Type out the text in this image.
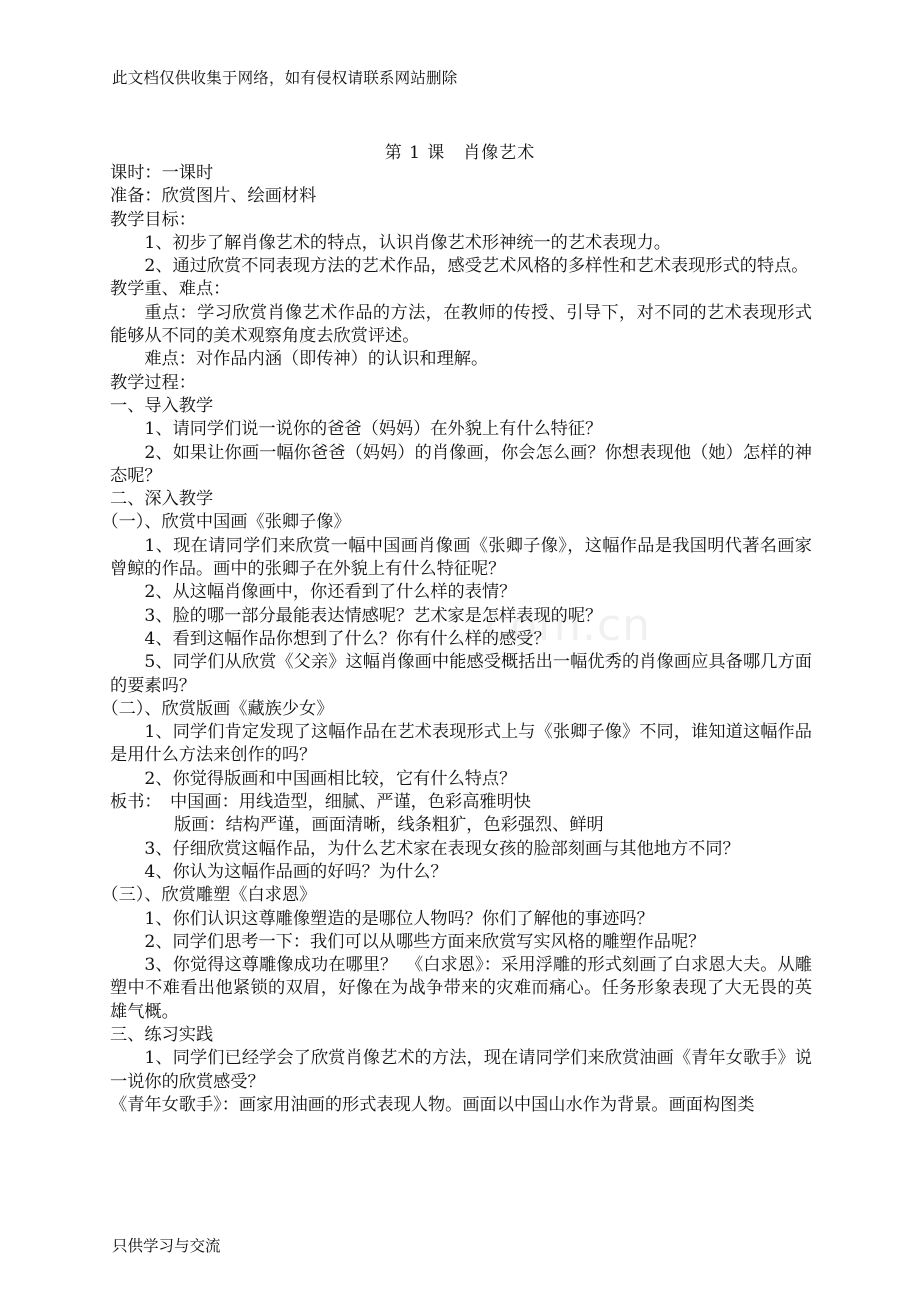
此文档仅供收集于网络，如有侵权请联系网站删除
.com.cn
第 1 课　肖像艺术

课时：一课时

准备：欣赏图片、绘画材料

教学目标：

1、初步了解肖像艺术的特点，认识肖像艺术形神统一的艺术表现力。

2、通过欣赏不同表现方法的艺术作品，感受艺术风格的多样性和艺术表现形式的特点。

教学重、难点：

重点：学习欣赏肖像艺术作品的方法，在教师的传授、引导下，对不同的艺术表现形式能够从不同的美术观察角度去欣赏评述。

难点：对作品内涵（即传神）的认识和理解。

教学过程：

一、导入教学

1、请同学们说一说你的爸爸（妈妈）在外貌上有什么特征？

2、如果让你画一幅你爸爸（妈妈）的肖像画，你会怎么画？你想表现他（她）怎样的神态呢？

二、深入教学

（一）、欣赏中国画《张卿子像》

1、现在请同学们来欣赏一幅中国画肖像画《张卿子像》，这幅作品是我国明代著名画家曾鲸的作品。画中的张卿子在外貌上有什么特征呢？

2、从这幅肖像画中，你还看到了什么样的表情？

3、脸的哪一部分最能表达情感呢？艺术家是怎样表现的呢？

4、看到这幅作品你想到了什么？你有什么样的感受？

5、同学们从欣赏《父亲》这幅肖像画中能感受概括出一幅优秀的肖像画应具备哪几方面的要素吗？

（二）、欣赏版画《藏族少女》

1、同学们肯定发现了这幅作品在艺术表现形式上与《张卿子像》不同，谁知道这幅作品是用什么方法来创作的吗？

2、你觉得版画和中国画相比较，它有什么特点？

板书： 中国画：用线造型，细腻、严谨，色彩高雅明快

版画：结构严谨，画面清晰，线条粗犷，色彩强烈、鲜明

3、仔细欣赏这幅作品，为什么艺术家在表现女孩的脸部刻画与其他地方不同？

4、你认为这幅作品画的好吗？为什么？

（三）、欣赏雕塑《白求恩》

1、你们认识这尊雕像塑造的是哪位人物吗？你们了解他的事迹吗？

2、同学们思考一下：我们可以从哪些方面来欣赏写实风格的雕塑作品呢？

3、你觉得这尊雕像成功在哪里？　《白求恩》：采用浮雕的形式刻画了白求恩大夫。从雕塑中不难看出他紧锁的双眉，好像在为战争带来的灾难而痛心。任务形象表现了大无畏的英雄气概。

三、练习实践

1、同学们已经学会了欣赏肖像艺术的方法，现在请同学们来欣赏油画《青年女歌手》说一说你的欣赏感受？

《青年女歌手》：画家用油画的形式表现人物。画面以中国山水作为背景。画面构图类

只供学习与交流
